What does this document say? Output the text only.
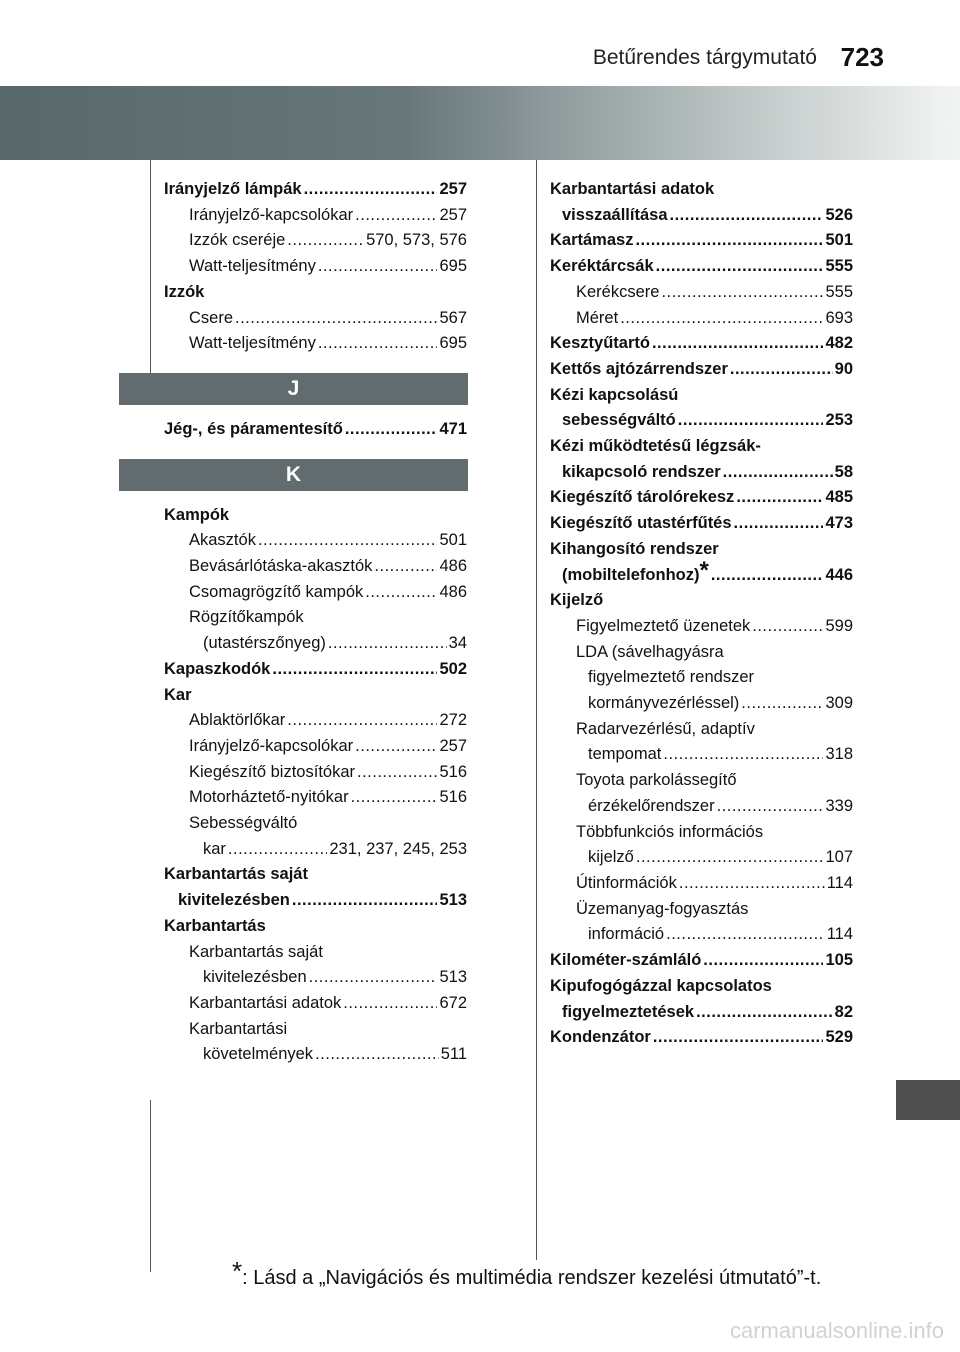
Betűrendes tárgymutató 723
Irányjelző lámpák .....	257
Irányjelző-kapcsolókar .....	257
Izzók cseréje .....	570, 573, 576
Watt-teljesítmény .....	695
Izzók
Csere .....	567
Watt-teljesítmény .....	695
J
Jég-, és páramentesítő .....	471
K
Kampók
Akasztók .....	501
Bevásárlótáska-akasztók .....	486
Csomagrögzítő kampók .....	486
Rögzítőkampók
(utastérszőnyeg) .....	34
Kapaszkodók .....	502
Kar
Ablaktörlőkar .....	272
Irányjelző-kapcsolókar .....	257
Kiegészítő biztosítókar .....	516
Motorháztető-nyitókar .....	516
Sebességváltó
kar .....	231, 237, 245, 253
Karbantartás saját
kivitelezésben .....	513
Karbantartás
Karbantartás saját
kivitelezésben .....	513
Karbantartási adatok .....	672
Karbantartási
követelmények .....	511
Karbantartási adatok
visszaállítása .....	526
Kartámasz .....	501
Keréktárcsák .....	555
Kerékcsere .....	555
Méret .....	693
Kesztyűtartó .....	482
Kettős ajtózárrendszer .....	90
Kézi kapcsolású
sebességváltó .....	253
Kézi működtetésű légzsák-
kikapcsoló rendszer .....	58
Kiegészítő tárolórekesz .....	485
Kiegészítő utastérfűtés .....	473
Kihangosító rendszer
(mobiltelefonhoz)* .....	446
Kijelző
Figyelmeztető üzenetek .....	599
LDA (sávelhagyásra
figyelmeztető rendszer
kormányvezérléssel) .....	309
Radarvezérlésű, adaptív
tempomat .....	318
Toyota parkolássegítő
érzékelőrendszer .....	339
Többfunkciós információs
kijelző .....	107
Útinformációk .....	114
Üzemanyag-fogyasztás
információ .....	114
Kilométer-számláló .....	105
Kipufogógázzal kapcsolatos
figyelmeztetések .....	82
Kondenzátor .....	529
*: Lásd a „Navigációs és multimédia rendszer kezelési útmutató”-t.
carmanualsonline.info
